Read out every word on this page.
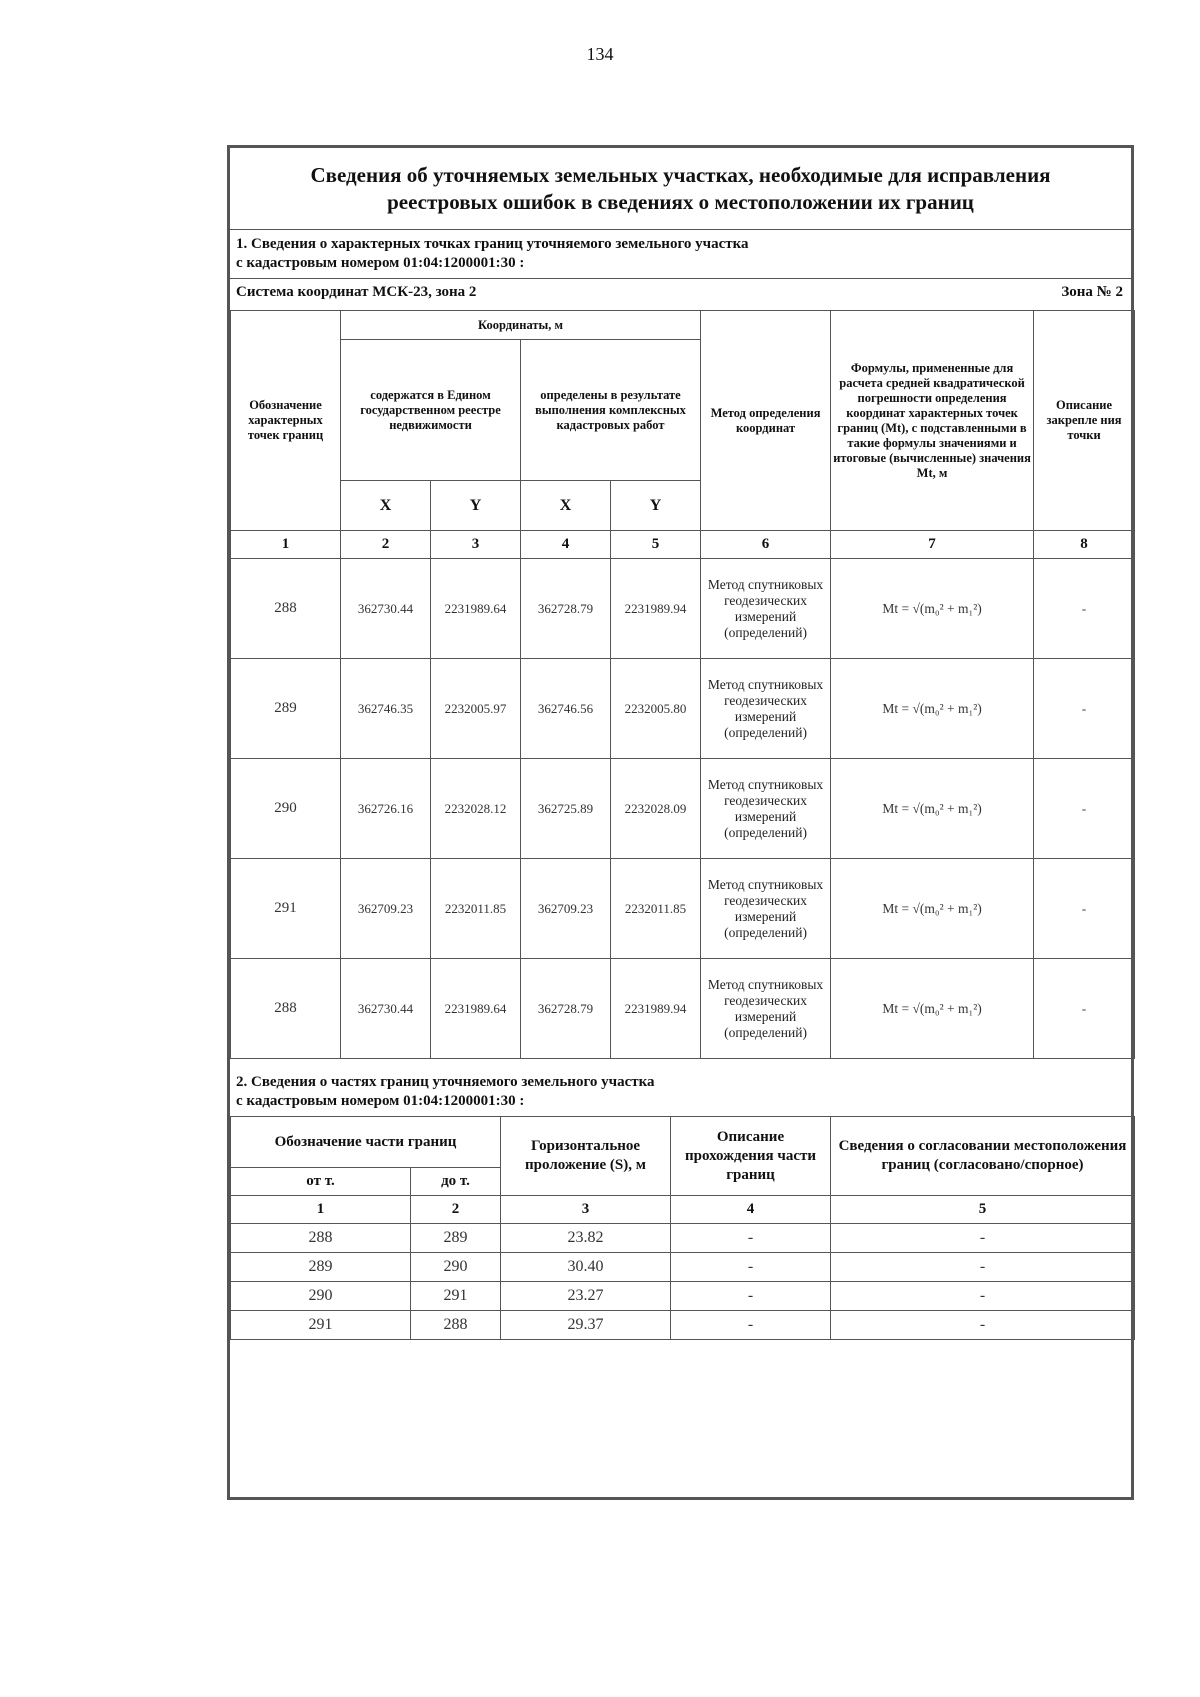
134
Сведения об уточняемых земельных участках, необходимые для исправления
реестровых ошибок в сведениях о местоположении их границ
1. Сведения о характерных точках границ уточняемого земельного участка
с кадастровым номером 01:04:1200001:30 :
Система координат МСК-23, зона 2	Зона № 2
Обозначение характерных точек границ	Координаты, м				Метод определения координат	Формулы, примененные для расчета средней квадратической погрешности определения координат характерных точек границ (Mt), с подставленными в такие формулы значениями и итоговые (вычисленные) значения Mt, м	Описание закрепле ния точки
	содержатся в Едином государственном реестре недвижимости		определены в результате выполнения комплексных кадастровых работ				
	X	Y	X	Y			
1	2	3	4	5	6	7	8
288	362730.44	2231989.64	362728.79	2231989.94	Метод спутниковых геодезических измерений (определений)	Mt = √(m₀² + m₁²)	-
289	362746.35	2232005.97	362746.56	2232005.80	Метод спутниковых геодезических измерений (определений)	Mt = √(m₀² + m₁²)	-
290	362726.16	2232028.12	362725.89	2232028.09	Метод спутниковых геодезических измерений (определений)	Mt = √(m₀² + m₁²)	-
291	362709.23	2232011.85	362709.23	2232011.85	Метод спутниковых геодезических измерений (определений)	Mt = √(m₀² + m₁²)	-
288	362730.44	2231989.64	362728.79	2231989.94	Метод спутниковых геодезических измерений (определений)	Mt = √(m₀² + m₁²)	-
2. Сведения о частях границ уточняемого земельного участка
с кадастровым номером 01:04:1200001:30 :
Обозначение части границ		Горизонтальное проложение (S), м	Описание прохождения части границ	Сведения о согласовании местоположения границ (согласовано/спорное)
от т.	до т.			
1	2	3	4	5
288	289	23.82	-	-
289	290	30.40	-	-
290	291	23.27	-	-
291	288	29.37	-	-
